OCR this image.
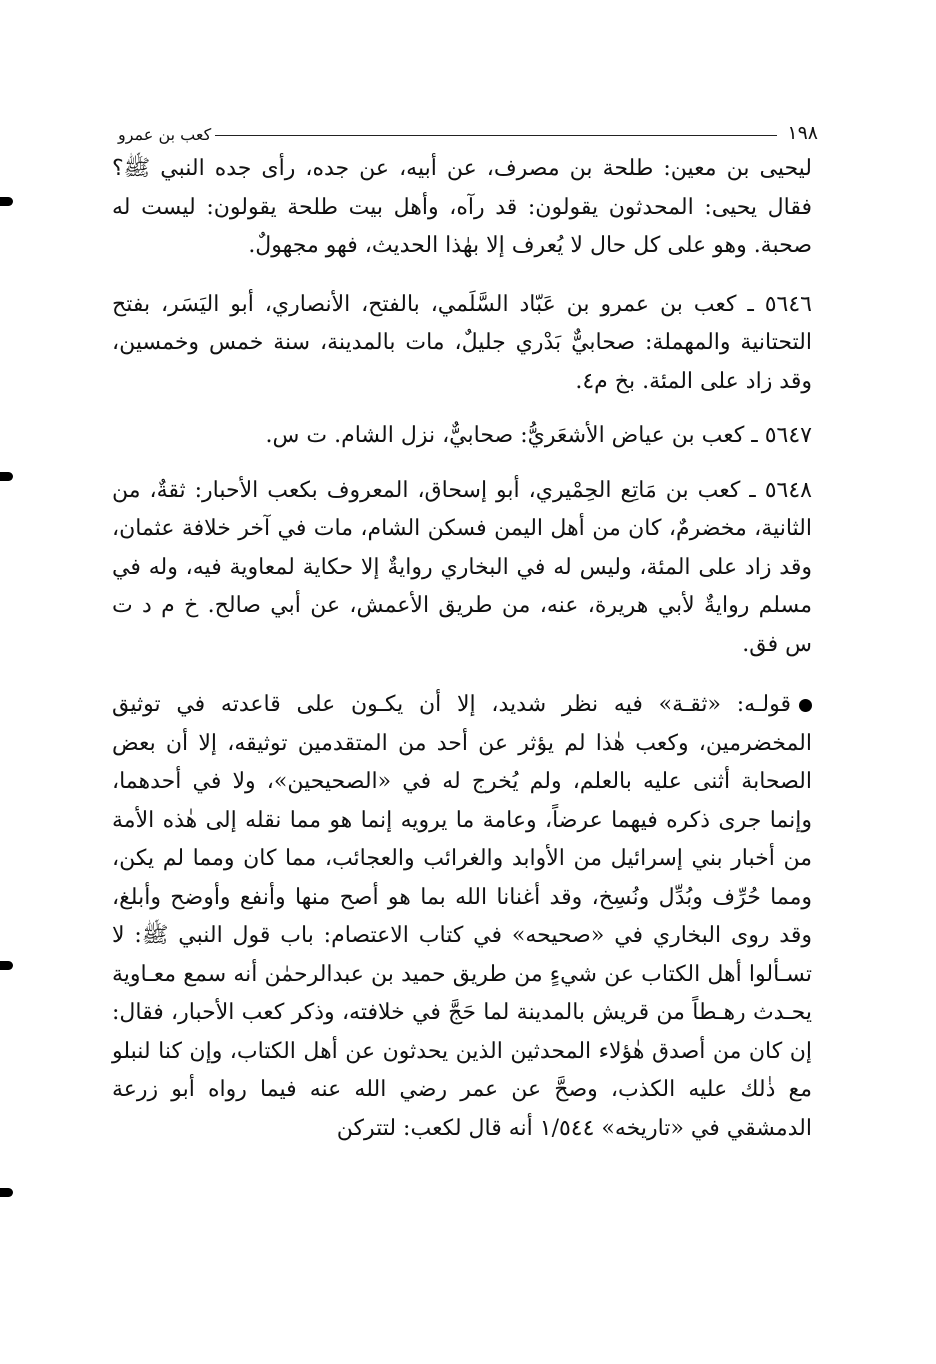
١٩٨
كعب بن عمرو

ليحيى بن معين: طلحة بن مصرف، عن أبيه، عن جده، رأى جده النبي ﷺ؟ فقال يحيى: المحدثون يقولون: قد رآه، وأهل بيت طلحة يقولون: ليست له صحبة. وهو على كل حال لا يُعرف إلا بهٰذا الحديث، فهو مجهولٌ.

٥٦٤٦ ـ كعب بن عمرو بن عَبّاد السَّلَمي، بالفتح، الأنصاري، أبو اليَسَر، بفتح التحتانية والمهملة: صحابيٌّ بَدْري جليلٌ، مات بالمدينة، سنة خمس وخمسين، وقد زاد على المئة. بخ م٤.

٥٦٤٧ ـ كعب بن عياض الأشعَريُّ: صحابيٌّ، نزل الشام. ت س.

٥٦٤٨ ـ كعب بن مَاتِع الحِمْيري، أبو إسحاق، المعروف بكعب الأحبار: ثقةٌ، من الثانية، مخضرمٌ، كان من أهل اليمن فسكن الشام، مات في آخر خلافة عثمان، وقد زاد على المئة، وليس له في البخاري روايةٌ إلا حكاية لمعاوية فيه، وله في مسلم روايةٌ لأبي هريرة، عنه، من طريق الأعمش، عن أبي صالح. خ م د ت س فق.

قولـه: «ثقـة» فيه نظر شديد، إلا أن يكـون على قاعدته في توثيق المخضرمين، وكعب هٰذا لم يؤثر عن أحد من المتقدمين توثيقه، إلا أن بعض الصحابة أثنى عليه بالعلم، ولم يُخرج له في «الصحيحين»، ولا في أحدهما، وإنما جرى ذكره فيهما عرضاً، وعامة ما يرويه إنما هو مما نقله إلى هٰذه الأمة من أخبار بني إسرائيل من الأوابد والغرائب والعجائب، مما كان ومما لم يكن، ومما حُرِّف وبُدِّل ونُسِخ، وقد أغنانا الله بما هو أصح منها وأنفع وأوضح وأبلغ، وقد روى البخاري في «صحيحه» في كتاب الاعتصام: باب قول النبي ﷺ: لا تسـألوا أهل الكتاب عن شيءٍ من طريق حميد بن عبدالرحمٰن أنه سمع معـاوية يحـدث رهـطاً من قريش بالمدينة لما حَجَّ في خلافته، وذكر كعب الأحبار، فقال: إن كان من أصدق هٰؤلاء المحدثين الذين يحدثون عن أهل الكتاب، وإن كنا لنبلو مع ذٰلك عليه الكذب، وصحَّ عن عمر رضي الله عنه فيما رواه أبو زرعة الدمشقي في «تاريخه» ١/٥٤٤ أنه قال لكعب: لتتركن
